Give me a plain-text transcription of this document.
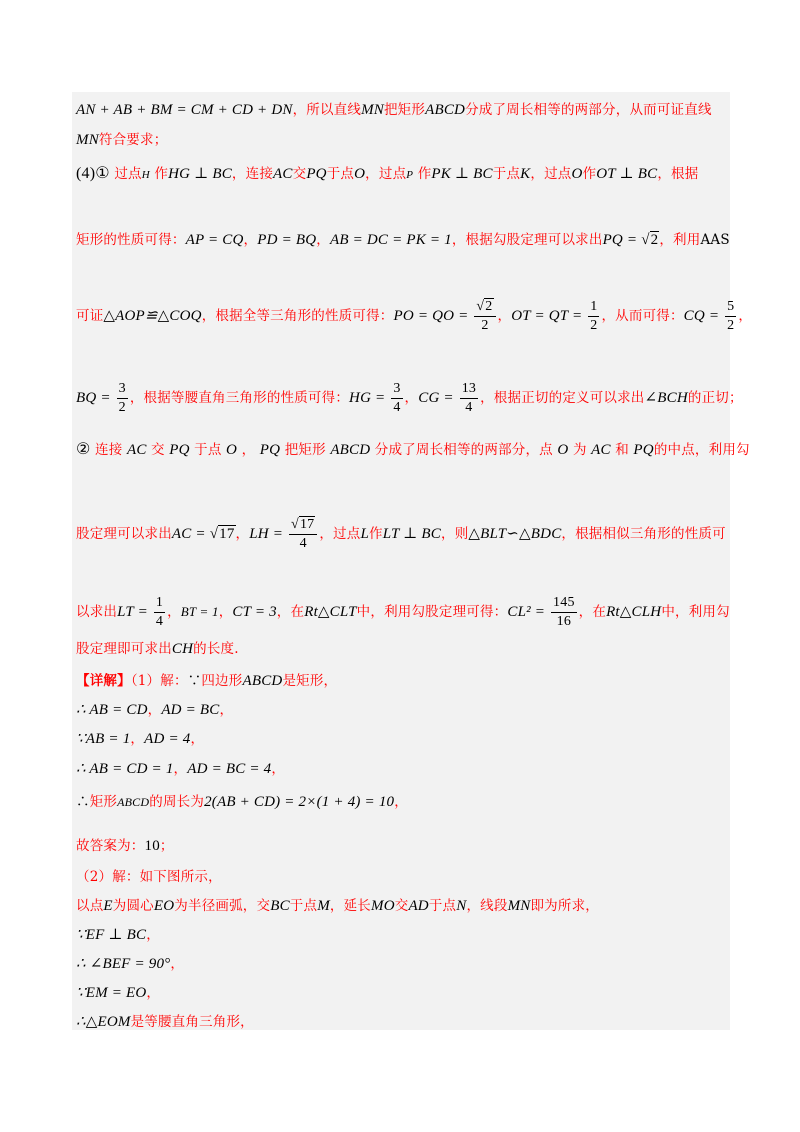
AN + AB + BM = CM + CD + DN，所以直线MN把矩形ABCD分成了周长相等的两部分，从而可证直线
MN符合要求；
(4)① 过点H 作HG ⊥ BC，连接AC交PQ于点O，过点P 作PK ⊥ BC于点K，过点O作OT ⊥ BC，根据
矩形的性质可得：AP = CQ，PD = BQ，AB = DC = PK = 1，根据勾股定理可以求出PQ = √2，利用AAS
可证△AOP≌△COQ，根据全等三角形的性质可得：PO = QO = $\frac{√2}{2}$ ，OT = QT = $\frac{1}{2}$ ，从而可得：CQ = $\frac{5}{2}$ ，
BQ = $\frac{3}{2}$ ，根据等腰直角三角形的性质可得：HG = $\frac{3}{4}$ ，CG = $\frac{13}{4}$ ，根据正切的定义可以求出∠BCH的正切；
② 连接 AC 交 PQ 于点 O ， PQ 把矩形 ABCD 分成了周长相等的两部分，点 O 为 AC 和 PQ的中点，利用勾
股定理可以求出AC = √17，LH = $\frac{√17}{4}$ ，过点L作LT ⊥ BC，则△BLT∽△BDC，根据相似三角形的性质可
以求出LT = $\frac{1}{4}$ ，BT = 1，CT = 3，在Rt△CLT中，利用勾股定理可得：$CL^2 = \frac{145}{16}$ ，在Rt△CLH中，利用勾
股定理即可求出CH的长度.
【详解】（1）解：∵四边形ABCD是矩形，
∴ AB = CD，AD = BC，
∵AB = 1，AD = 4，
∴ AB = CD = 1，AD = BC = 4，
∴矩形ABCD的周长为2(AB + CD) = 2×(1 + 4) = 10，
故答案为：10；
（2）解：如下图所示，
以点E为圆心EO为半径画弧，交BC于点M，延长MO交AD于点N，线段MN即为所求，
∵EF ⊥ BC，
∴ ∠BEF = 90°，
∵EM = EO，
∴△EOM是等腰直角三角形，
